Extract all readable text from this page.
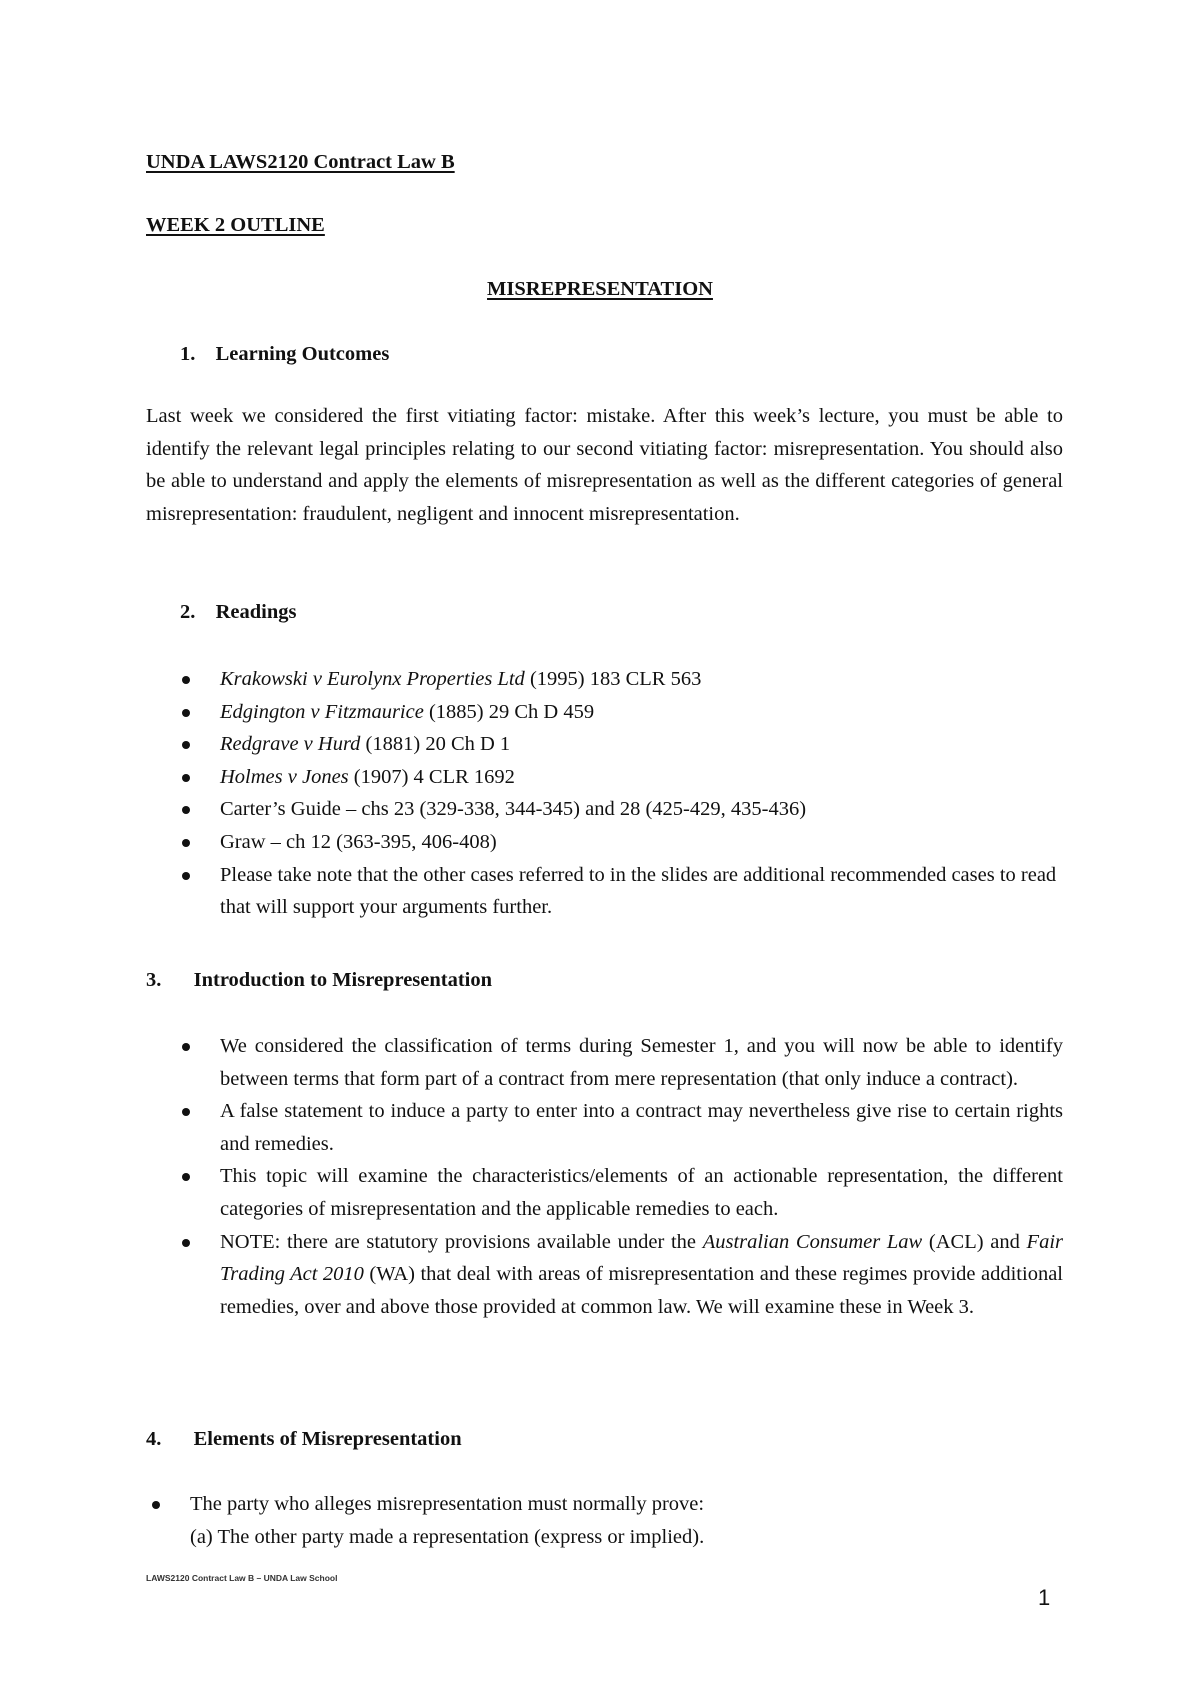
UNDA LAWS2120 Contract Law B
WEEK 2 OUTLINE
MISREPRESENTATION
1. Learning Outcomes
Last week we considered the first vitiating factor: mistake. After this week’s lecture, you must be able to identify the relevant legal principles relating to our second vitiating factor: misrepresentation. You should also be able to understand and apply the elements of misrepresentation as well as the different categories of general misrepresentation: fraudulent, negligent and innocent misrepresentation.
2. Readings
Krakowski v Eurolynx Properties Ltd (1995) 183 CLR 563
Edgington v Fitzmaurice (1885) 29 Ch D 459
Redgrave v Hurd (1881) 20 Ch D 1
Holmes v Jones (1907) 4 CLR 1692
Carter’s Guide – chs 23 (329-338, 344-345) and 28 (425-429, 435-436)
Graw – ch 12 (363-395, 406-408)
Please take note that the other cases referred to in the slides are additional recommended cases to read that will support your arguments further.
3. Introduction to Misrepresentation
We considered the classification of terms during Semester 1, and you will now be able to identify between terms that form part of a contract from mere representation (that only induce a contract).
A false statement to induce a party to enter into a contract may nevertheless give rise to certain rights and remedies.
This topic will examine the characteristics/elements of an actionable representation, the different categories of misrepresentation and the applicable remedies to each.
NOTE: there are statutory provisions available under the Australian Consumer Law (ACL) and Fair Trading Act 2010 (WA) that deal with areas of misrepresentation and these regimes provide additional remedies, over and above those provided at common law. We will examine these in Week 3.
4. Elements of Misrepresentation
The party who alleges misrepresentation must normally prove:
(a) The other party made a representation (express or implied).
LAWS2120 Contract Law B – UNDA Law School
1
